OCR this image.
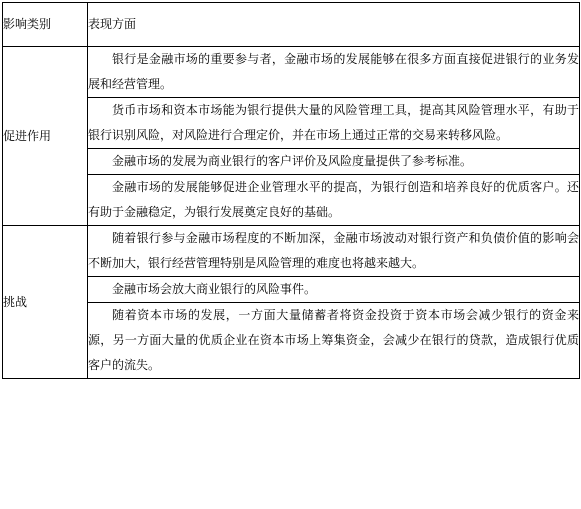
影响类别	表现方面
促进作用	银行是金融市场的重要参与者，金融市场的发展能够在很多方面直接促进银行的业务发展和经营管理。

	货币市场和资本市场能为银行提供大量的风险管理工具，提高其风险管理水平，有助于银行识别风险，对风险进行合理定价，并在市场上通过正常的交易来转移风险。

	金融市场的发展为商业银行的客户评价及风险度量提供了参考标准。

	金融市场的发展能够促进企业管理水平的提高，为银行创造和培养良好的优质客户。还有助于金融稳定，为银行发展奠定良好的基础。

挑战	随着银行参与金融市场程度的不断加深，金融市场波动对银行资产和负债价值的影响会不断加大，银行经营管理特别是风险管理的难度也将越来越大。

	金融市场会放大商业银行的风险事件。

	随着资本市场的发展，一方面大量储蓄者将资金投资于资本市场会减少银行的资金来源，另一方面大量的优质企业在资本市场上筹集资金，会减少在银行的贷款，造成银行优质客户的流失。
